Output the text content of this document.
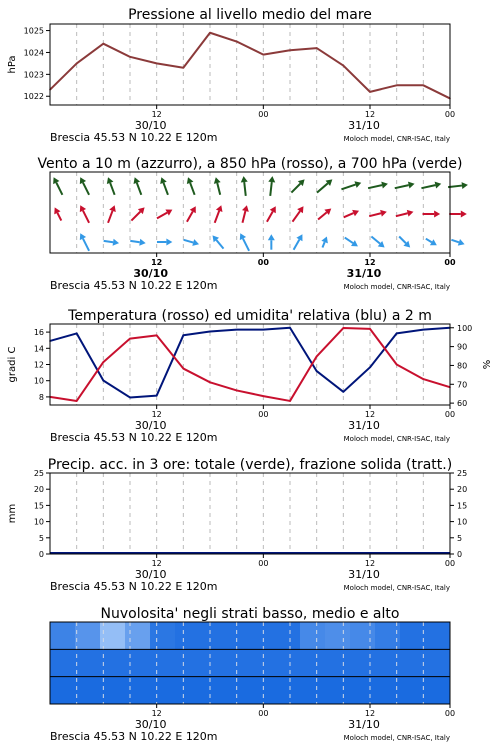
Pressione al livello medio del mare
1022
1023
1024
1025
hPa
12	00	12	00
30/10	31/10
Brescia 45.53 N 10.22 E 120m	Moloch model, CNR-ISAC, Italy
Vento a 10 m (azzurro), a 850 hPa (rosso), a 700 hPa (verde)
12	00	12	00
30/10	31/10
Brescia 45.53 N 10.22 E 120m	Moloch model, CNR-ISAC, Italy
Temperatura (rosso) ed umidita' relativa (blu) a 2 m
8
10
12
14
16
60
70
80
90
100
gradi C	%
12	00	12	00
30/10	31/10
Brescia 45.53 N 10.22 E 120m	Moloch model, CNR-ISAC, Italy
Precip. acc. in 3 ore: totale (verde), frazione solida (tratt.)
0
5
10
15
20
25
0
5
10
15
20
25
mm
12	00	12	00
30/10	31/10
Brescia 45.53 N 10.22 E 120m	Moloch model, CNR-ISAC, Italy
Nuvolosita' negli strati basso, medio e alto
12	00	12	00
30/10	31/10
Brescia 45.53 N 10.22 E 120m	Moloch model, CNR-ISAC, Italy
